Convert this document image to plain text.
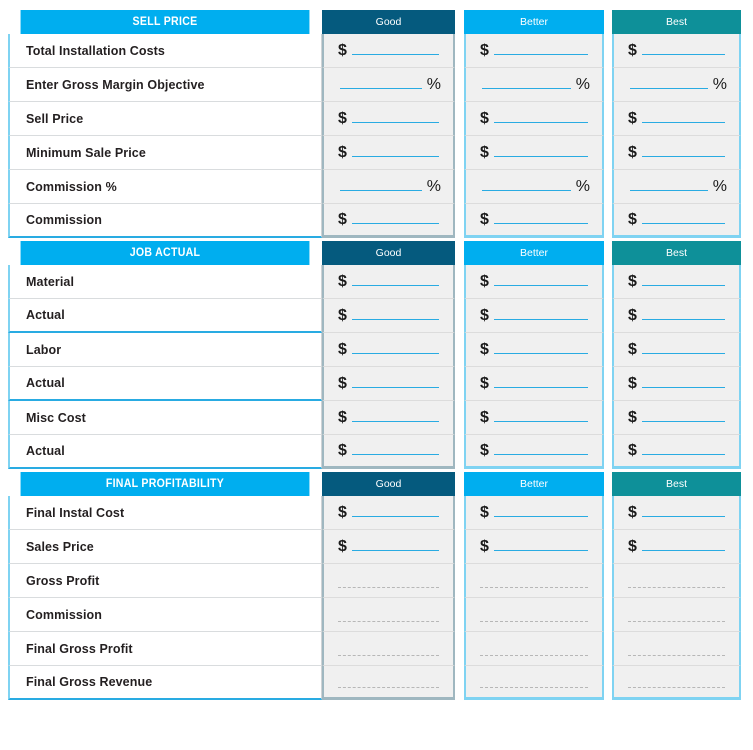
SELL PRICE	Good	Better	Best
Total Installation Costs	$	$	$
Enter Gross Margin Objective	%	%	%
Sell Price	$	$	$
Minimum Sale Price	$	$	$
Commission %	%	%	%
Commission	$	$	$
JOB ACTUAL	Good	Better	Best
Material	$	$	$
Actual	$	$	$
Labor	$	$	$
Actual	$	$	$
Misc Cost	$	$	$
Actual	$	$	$
FINAL PROFITABILITY	Good	Better	Best
Final Instal Cost	$	$	$
Sales Price	$	$	$
Gross Profit
Commission
Final Gross Profit
Final Gross Revenue
